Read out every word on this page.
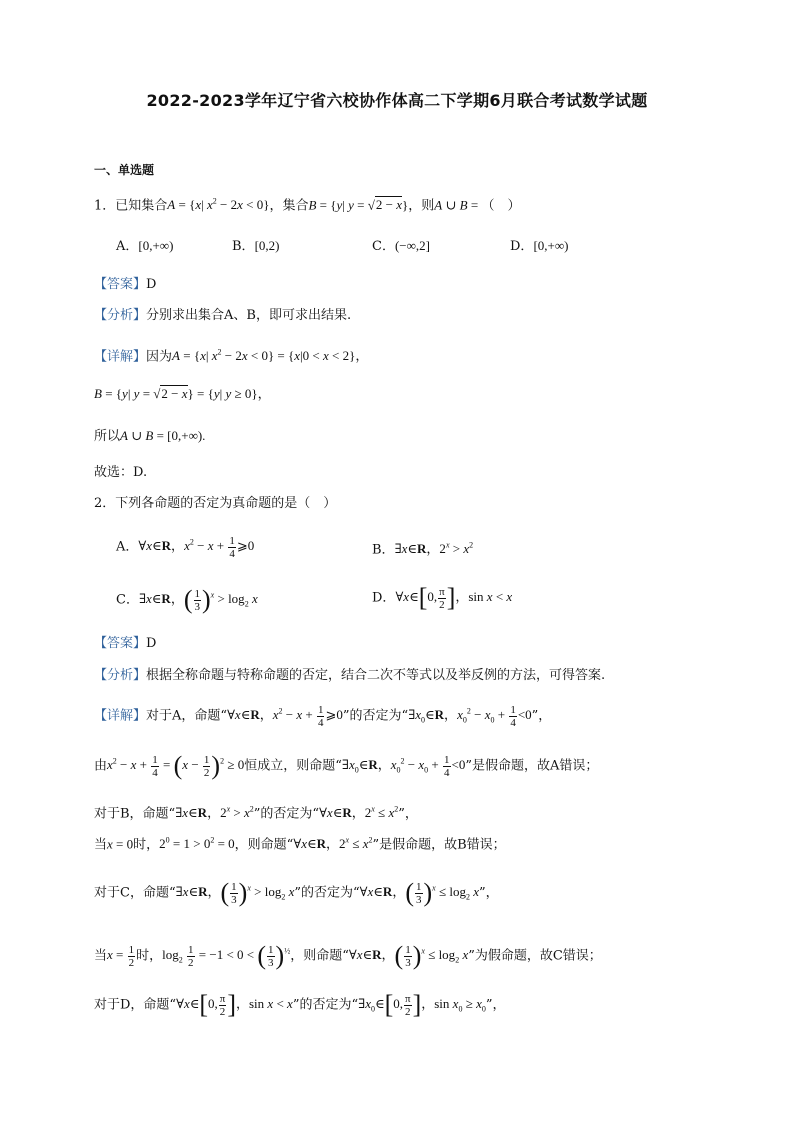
2022-2023学年辽宁省六校协作体高二下学期6月联合考试数学试题
一、单选题
1．已知集合A = {x| $x^2 - 2x < 0$}，集合B = {y| y = √2 − x}，则A ∪ B = （　）
A．[0,+∞)	B．[0,2)	C．(−∞,2]	D．[0,+∞)
【答案】D
【分析】分别求出集合A、B，即可求出结果.
【详解】因为A = {x| $x^2 - 2x < 0\} = \{x|0 < x < 2\}$，
B = {y| y = √2 − x} = {y| y ≥ 0}，
所以A ∪ B = [0,+∞).
故选：D.
2．下列各命题的否定为真命题的是（　）
A．∀x∈R，$x^2 - x + \frac{1}{4}$ ⩾0	B．∃x∈R，$2^x > x^2$
C．∃x∈R，( $\frac{1}{3} )^x > \log_2 x$	D．∀x∈[0, $\frac{\pi}{2}$ ]，sin x < x
【答案】D
【分析】根据全称命题与特称命题的否定，结合二次不等式以及举反例的方法，可得答案.
【详解】对于A，命题“∀x∈R，$x^2 - x + \frac{1}{4}$ ⩾0”的否定为“$\exists x_0\in R$，$x_0^2 - x_0 + \frac{1}{4} <0$”，
由$x^2 - x + \frac{1}{4} = (x - \frac{1}{2} )^2 \ge 0$恒成立，则命题“$\exists x_0\in R$，$x_0^2 - x_0 + \frac{1}{4} <0$”是假命题，故A错误；
对于B，命题“∃x∈R，$2^x > x^2$”的否定为“∀x∈R，$2^x \le x^2$”，
当x = 0时，$2^0 = 1 > 0^2 = 0$，则命题“∀x∈R，$2^x \le x^2$”是假命题，故B错误；
对于C，命题“∃x∈R，( $\frac{1}{3} )^x > \log_2 x$”的否定为“∀x∈R，( $\frac{1}{3} )^x \le \log_2 x$”，
当$x = \frac{1}{2}$ 时，$\log_2 \frac{1}{2} = -1 < 0$ < ( $\frac{1}{3} )^{\frac{1}{2}}$，则命题“∀x∈R，( $\frac{1}{3} )^x \le \log_2 x$”为假命题，故C错误；
对于D，命题“∀x∈[0, $\frac{\pi}{2}$ ]，sin x < x”的否定为“$\exists x_0\in[0$, $\frac{\pi}{2}$ ]，$\sin x_0 \ge x_0$”，
